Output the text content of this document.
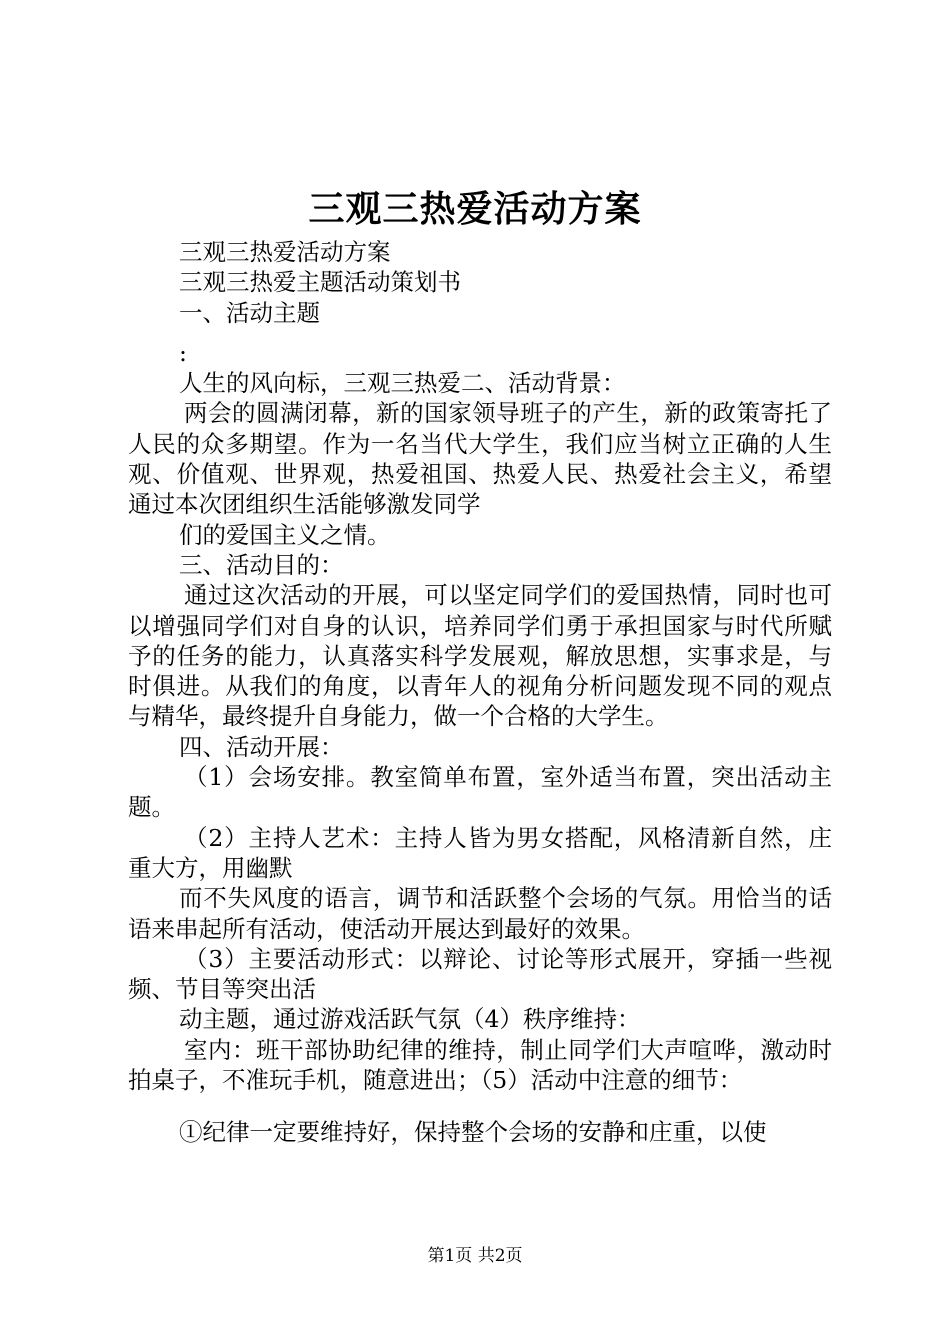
三观三热爱活动方案

三观三热爱活动方案

三观三热爱主题活动策划书

一、活动主题

:

人生的风向标，三观三热爱二、活动背景：

两会的圆满闭幕，新的国家领导班子的产生，新的政策寄托了人民的众多期望。作为一名当代大学生，我们应当树立正确的人生观、价值观、世界观，热爱祖国、热爱人民、热爱社会主义，希望通过本次团组织生活能够激发同学

们的爱国主义之情。

三、活动目的：

通过这次活动的开展，可以坚定同学们的爱国热情，同时也可以增强同学们对自身的认识，培养同学们勇于承担国家与时代所赋予的任务的能力，认真落实科学发展观，解放思想，实事求是，与时俱进。从我们的角度，以青年人的视角分析问题发现不同的观点与精华，最终提升自身能力，做一个合格的大学生。

四、活动开展：

（1）会场安排。教室简单布置，室外适当布置，突出活动主题。

（2）主持人艺术：主持人皆为男女搭配，风格清新自然，庄重大方，用幽默

而不失风度的语言，调节和活跃整个会场的气氛。用恰当的话语来串起所有活动，使活动开展达到最好的效果。

（3）主要活动形式：以辩论、讨论等形式展开，穿插一些视频、节目等突出活

动主题，通过游戏活跃气氛（4）秩序维持：

室内：班干部协助纪律的维持，制止同学们大声喧哗，激动时拍桌子，不准玩手机，随意进出；（5）活动中注意的细节：

①纪律一定要维持好，保持整个会场的安静和庄重，以使

第1页 共2页
